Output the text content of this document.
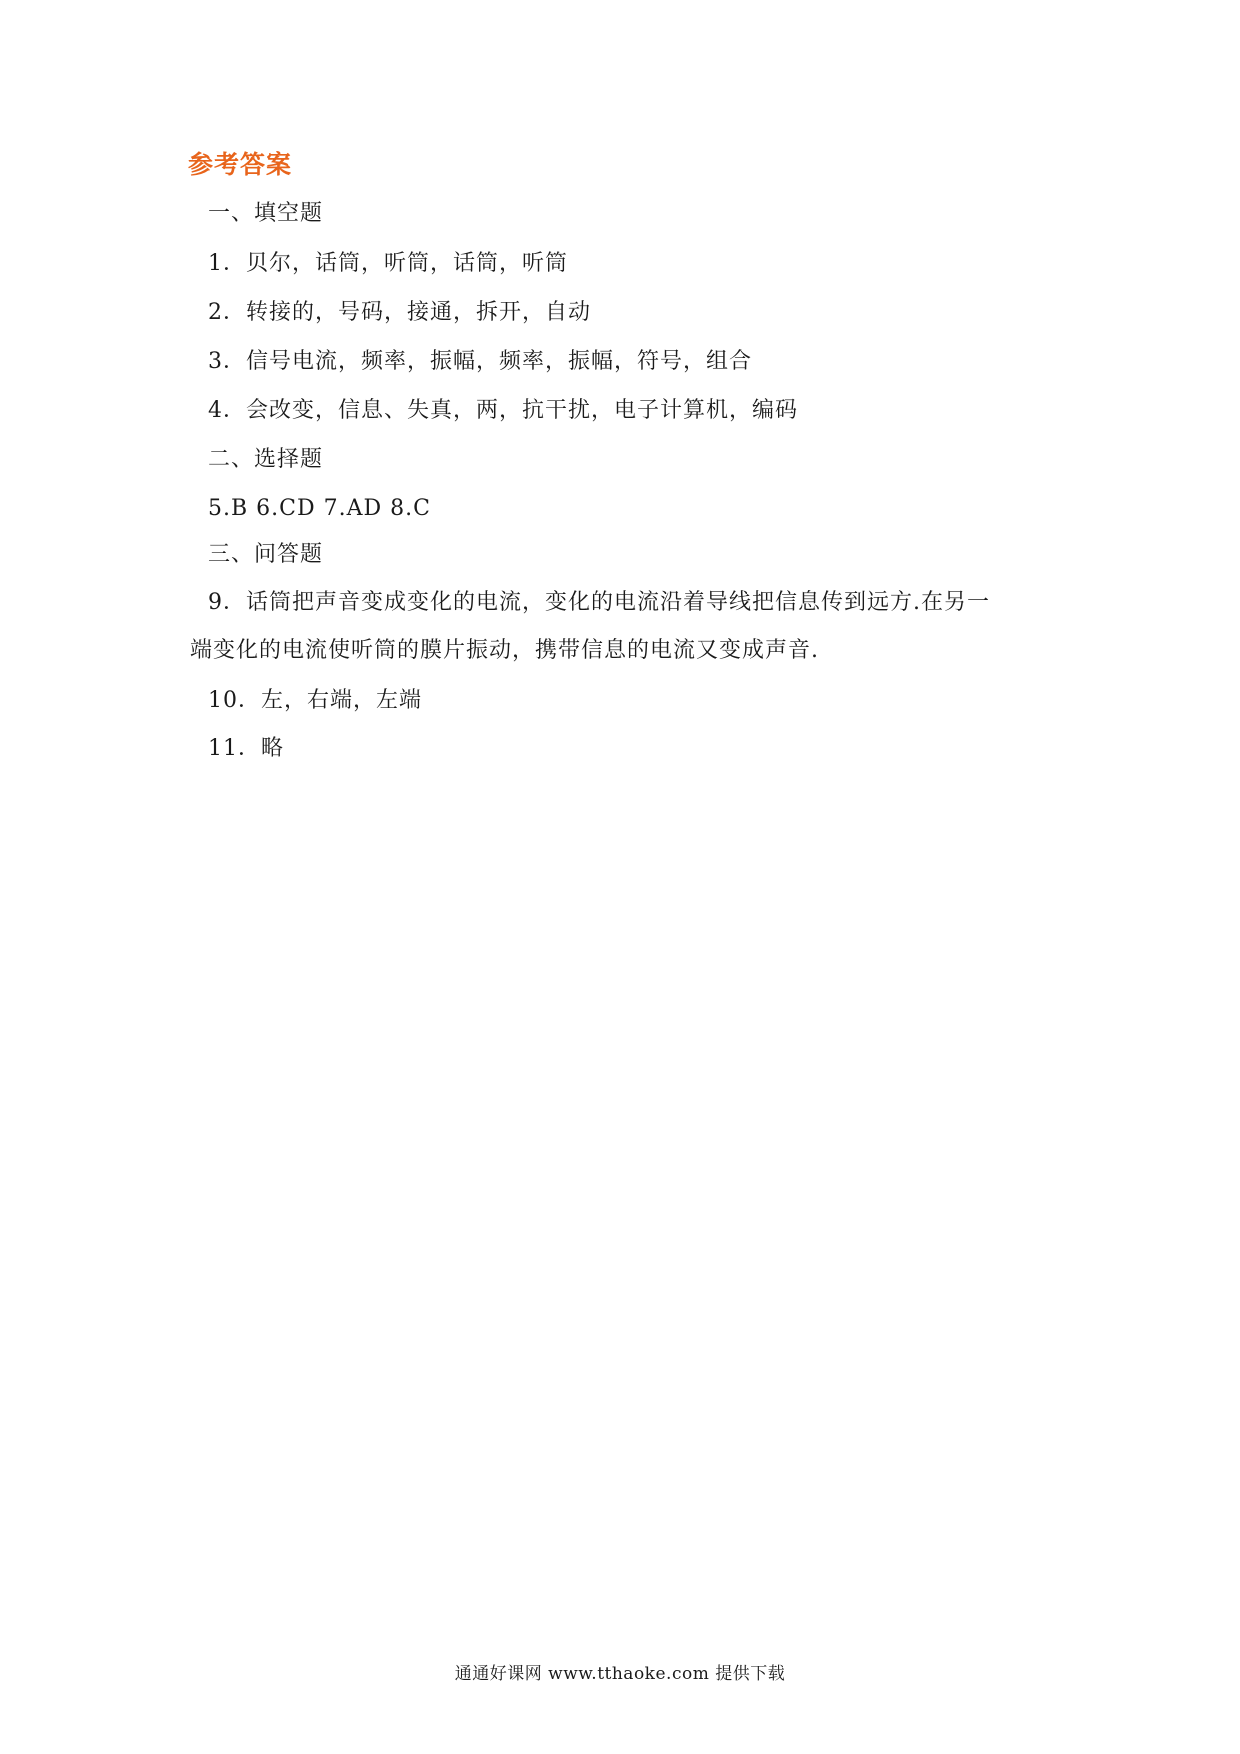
参考答案
一、填空题
1．贝尔，话筒，听筒，话筒，听筒
2．转接的，号码，接通，拆开，自动
3．信号电流，频率，振幅，频率，振幅，符号，组合
4．会改变，信息、失真，两，抗干扰，电子计算机，编码
二、选择题
5.B 6.CD 7.AD 8.C
三、问答题
9．话筒把声音变成变化的电流，变化的电流沿着导线把信息传到远方.在另一
端变化的电流使听筒的膜片振动，携带信息的电流又变成声音.
10．左，右端，左端
11．略
通通好课网 www.tthaoke.com 提供下载
